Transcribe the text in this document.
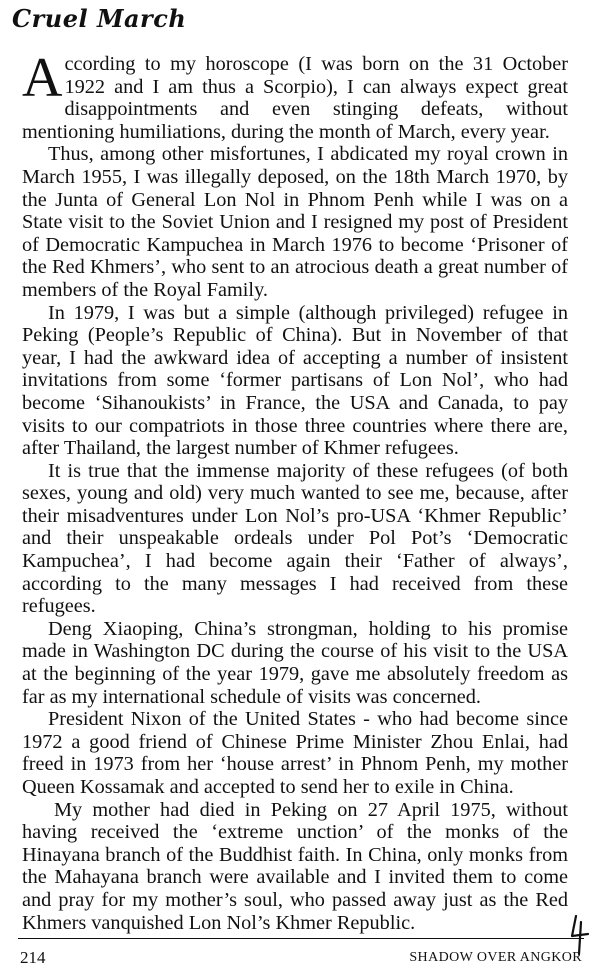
Cruel March

According to my horoscope (I was born on the 31 October 1922 and I am thus a Scorpio), I can always expect great disappointments and even stinging defeats, without mentioning humiliations, during the month of March, every year.

Thus, among other misfortunes, I abdicated my royal crown in March 1955, I was illegally deposed, on the 18th March 1970, by the Junta of General Lon Nol in Phnom Penh while I was on a State visit to the Soviet Union and I resigned my post of President of Democratic Kampuchea in March 1976 to become ‘Prisoner of the Red Khmers’, who sent to an atrocious death a great number of members of the Royal Family.

In 1979, I was but a simple (although privileged) refugee in Peking (People’s Republic of China). But in November of that year, I had the awkward idea of accepting a number of insistent invitations from some ‘former partisans of Lon Nol’, who had become ‘Sihanoukists’ in France, the USA and Canada, to pay visits to our compatriots in those three countries where there are, after Thailand, the largest number of Khmer refugees.

It is true that the immense majority of these refugees (of both sexes, young and old) very much wanted to see me, because, after their misadventures under Lon Nol’s pro-USA ‘Khmer Republic’ and their unspeakable ordeals under Pol Pot’s ‘Democratic Kampuchea’, I had become again their ‘Father of always’, according to the many messages I had received from these refugees.

Deng Xiaoping, China’s strongman, holding to his promise made in Washington DC during the course of his visit to the USA at the beginning of the year 1979, gave me absolutely freedom as far as my international schedule of visits was concerned.

President Nixon of the United States - who had become since 1972 a good friend of Chinese Prime Minister Zhou Enlai, had freed in 1973 from her ‘house arrest’ in Phnom Penh, my mother Queen Kossamak and accepted to send her to exile in China.

My mother had died in Peking on 27 April 1975, without having received the ‘extreme unction’ of the monks of the Hinayana branch of the Buddhist faith. In China, only monks from the Mahayana branch were available and I invited them to come and pray for my mother’s soul, who passed away just as the Red Khmers vanquished Lon Nol’s Khmer Republic.

214	SHADOW OVER ANGKOR
